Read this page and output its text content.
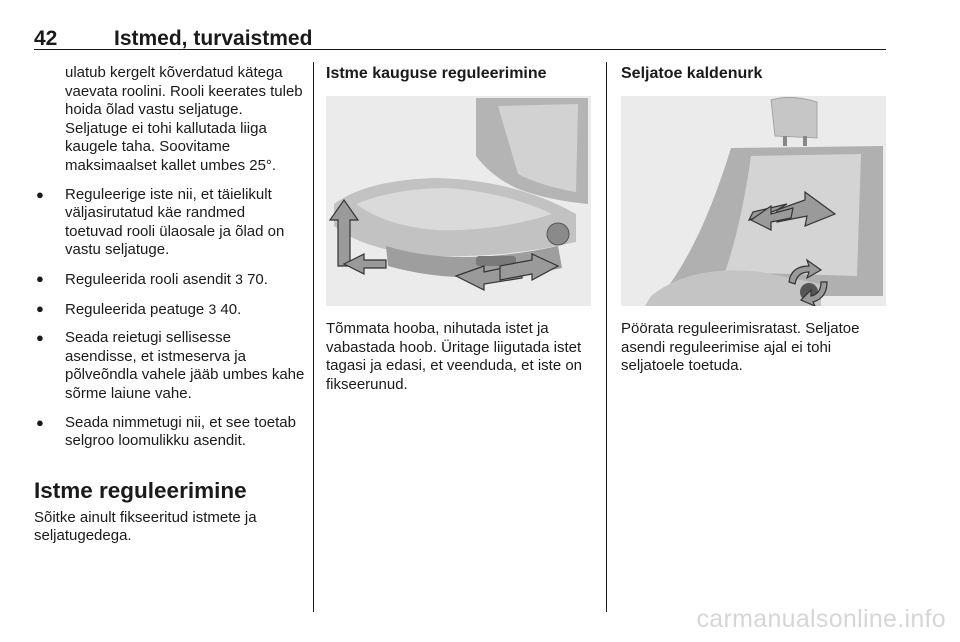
42	Istmed, turvaistmed

ulatub kergelt kõverdatud kätega vaevata roolini. Rooli keerates tuleb hoida õlad vastu seljatuge. Seljatuge ei tohi kallutada liiga kaugele taha. Soovitame maksimaalset kallet umbes 25°.

● Reguleerige iste nii, et täielikult väljasirutatud käe randmed toetuvad rooli ülaosale ja õlad on vastu seljatuge.
● Reguleerida rooli asendit 3 70.
● Reguleerida peatuge 3 40.
● Seada reietugi sellisesse asendisse, et istmeserva ja põlveõndla vahele jääb umbes kahe sõrme laiune vahe.
● Seada nimmetugi nii, et see toetab selgroo loomulikku asendit.
Istme reguleerimine

Sõitke ainult fikseeritud istmete ja seljatugedega.

Istme kauguse reguleerimine

Tõmmata hooba, nihutada istet ja vabastada hoob. Üritage liigutada istet tagasi ja edasi, et veenduda, et iste on fikseerunud.

Seljatoe kaldenurk

Pöörata reguleerimisratast. Seljatoe asendi reguleerimise ajal ei tohi seljatoele toetuda.

carmanualsonline.info
